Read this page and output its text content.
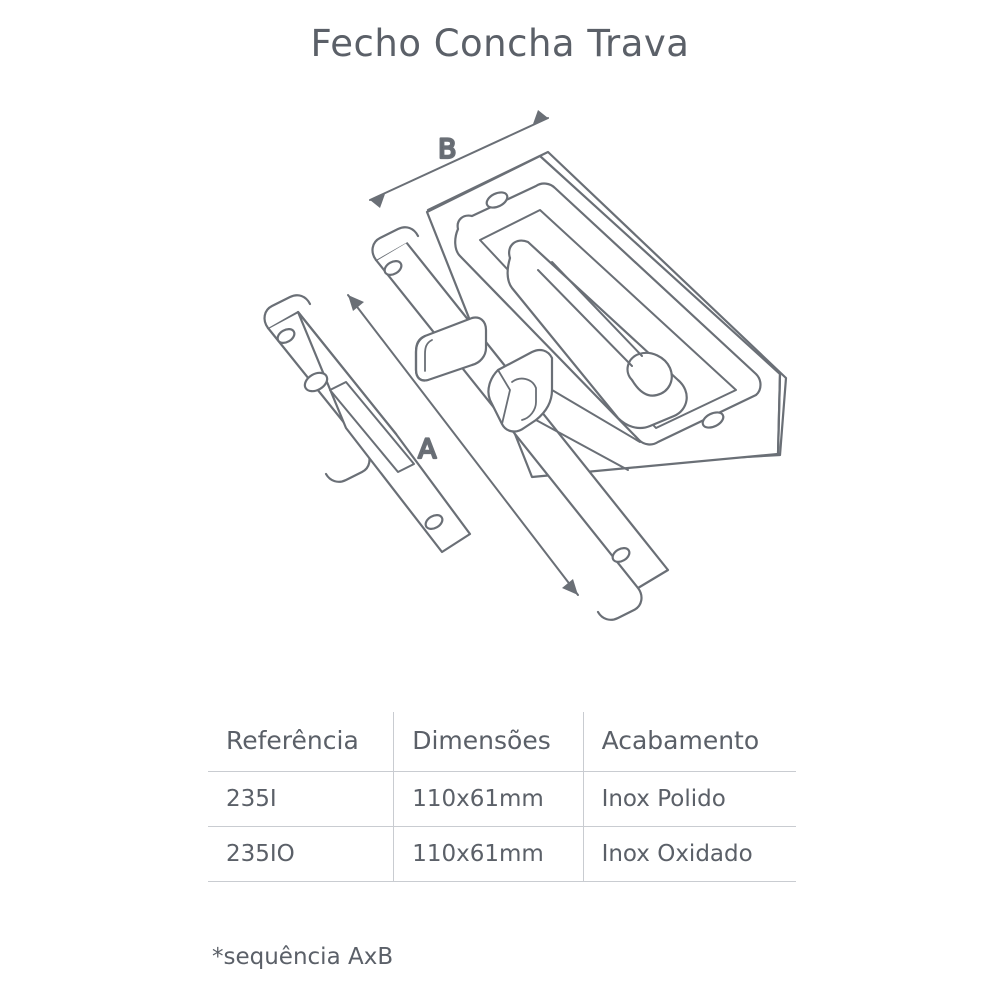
Fecho Concha Trava
B
A
Referência	Dimensões	Acabamento
235I	110x61mm	Inox Polido
235IO	110x61mm	Inox Oxidado
*sequência AxB
